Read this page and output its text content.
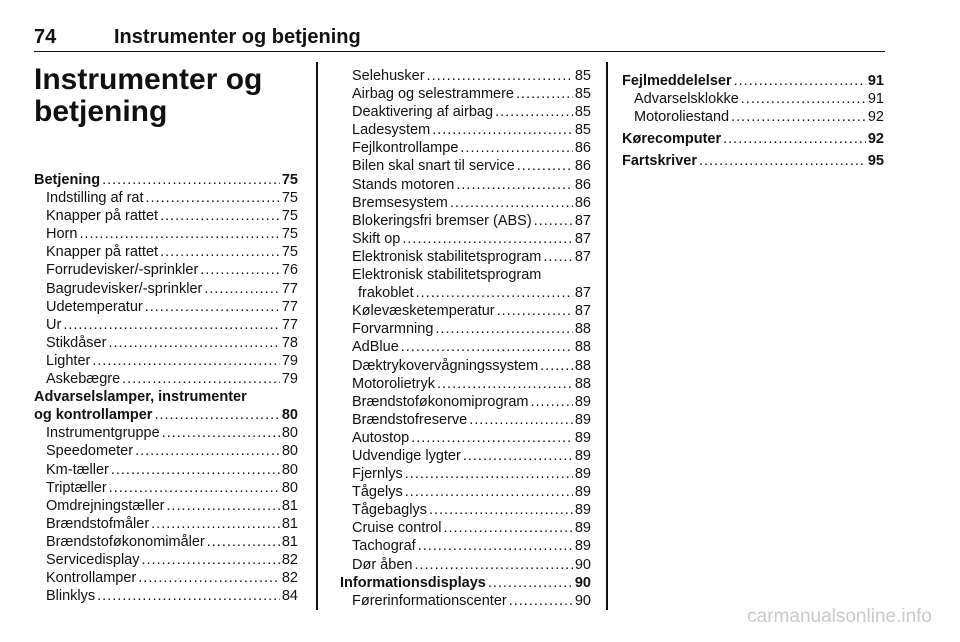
74	Instrumenter og betjening
Instrumenter og
betjening
Betjening .....	75
Indstilling af rat .....	75
Knapper på rattet .....	75
Horn .....	75
Knapper på rattet .....	75
Forrudevisker/-sprinkler .....	76
Bagrudevisker/-sprinkler .....	77
Udetemperatur .....	77
Ur .....	77
Stikdåser .....	78
Lighter .....	79
Askebægre .....	79
Advarselslamper, instrumenter
og kontrollamper .....	80
Instrumentgruppe .....	80
Speedometer .....	80
Km-tæller .....	80
Triptæller .....	80
Omdrejningstæller .....	81
Brændstofmåler .....	81
Brændstoføkonomimåler .....	81
Servicedisplay .....	82
Kontrollamper .....	82
Blinklys .....	84
Selehusker .....	85
Airbag og selestrammere .....	85
Deaktivering af airbag .....	85
Ladesystem .....	85
Fejlkontrollampe .....	86
Bilen skal snart til service .....	86
Stands motoren .....	86
Bremsesystem .....	86
Blokeringsfri bremser (ABS) .....	87
Skift op .....	87
Elektronisk stabilitetsprogram ..... 87
Elektronisk stabilitetsprogram
frakoblet .....	87
Kølevæsketemperatur .....	87
Forvarmning .....	88
AdBlue .....	88
Dæktrykovervågningssystem .....	88
Motorolietryk .....	88
Brændstoføkonomiprogram .....	89
Brændstofreserve .....	89
Autostop .....	89
Udvendige lygter .....	89
Fjernlys .....	89
Tågelys .....	89
Tågebaglys .....	89
Cruise control .....	89
Tachograf .....	89
Dør åben .....	90
Informationsdisplays .....	90
Førerinformationscenter .....	90
Fejlmeddelelser .....	91
Advarselsklokke .....	91
Motoroliestand .....	92
Kørecomputer .....	92
Fartskriver .....	95
carmanualsonline.info
